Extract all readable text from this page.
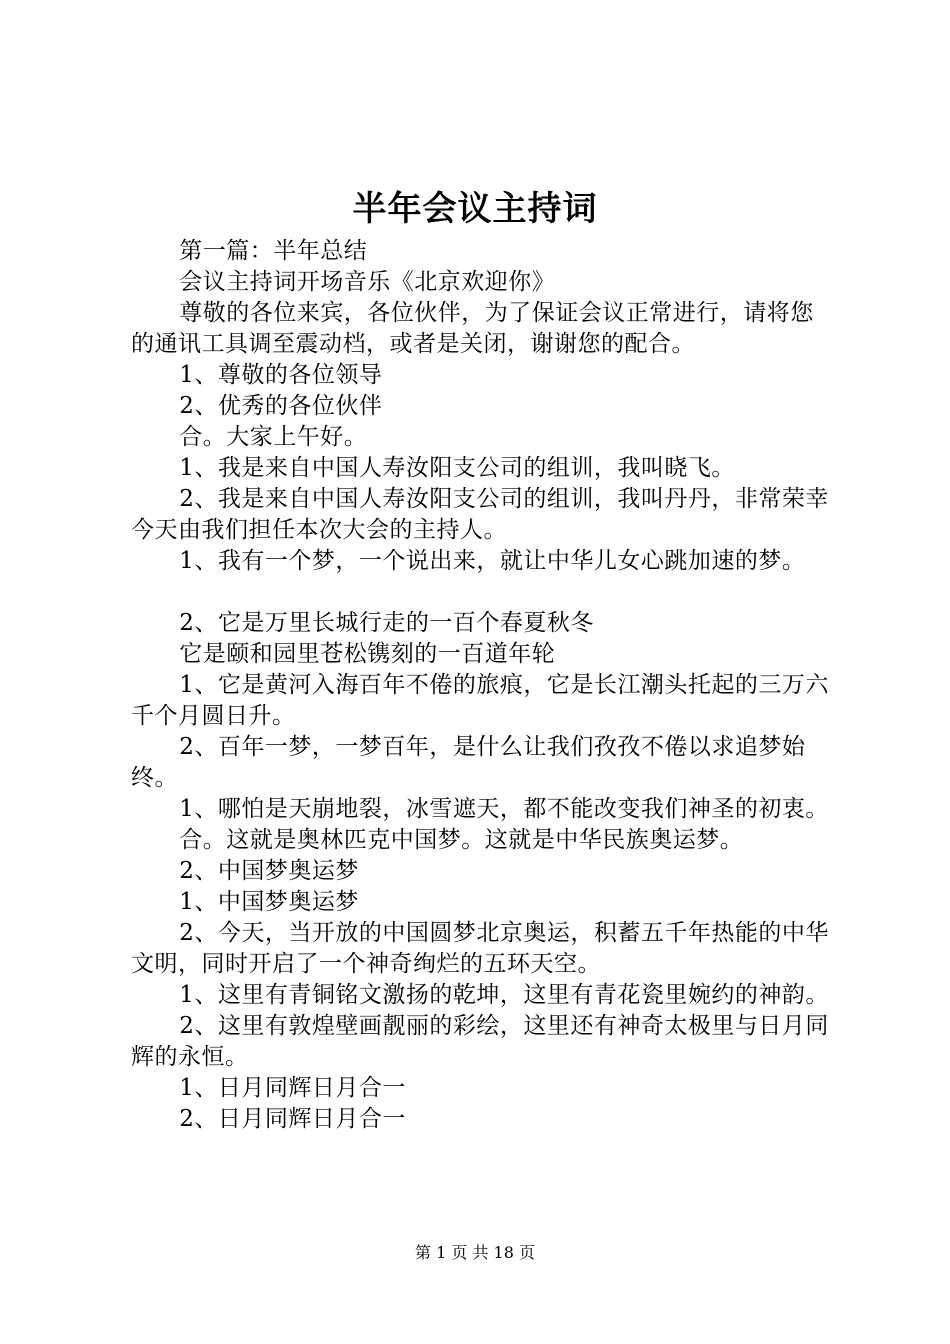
半年会议主持词

第一篇：半年总结

会议主持词开场音乐《北京欢迎你》

尊敬的各位来宾，各位伙伴，为了保证会议正常进行，请将您的通讯工具调至震动档，或者是关闭，谢谢您的配合。

1、尊敬的各位领导

2、优秀的各位伙伴

合。大家上午好。

1、我是来自中国人寿汝阳支公司的组训，我叫晓飞。

2、我是来自中国人寿汝阳支公司的组训，我叫丹丹，非常荣幸今天由我们担任本次大会的主持人。

1、我有一个梦，一个说出来，就让中华儿女心跳加速的梦。

2、它是万里长城行走的一百个春夏秋冬

它是颐和园里苍松镌刻的一百道年轮

1、它是黄河入海百年不倦的旅痕，它是长江潮头托起的三万六千个月圆日升。

2、百年一梦，一梦百年，是什么让我们孜孜不倦以求追梦始终。

1、哪怕是天崩地裂，冰雪遮天，都不能改变我们神圣的初衷。

合。这就是奥林匹克中国梦。这就是中华民族奥运梦。

2、中国梦奥运梦

1、中国梦奥运梦

2、今天，当开放的中国圆梦北京奥运，积蓄五千年热能的中华文明，同时开启了一个神奇绚烂的五环天空。

1、这里有青铜铭文激扬的乾坤，这里有青花瓷里婉约的神韵。

2、这里有敦煌壁画靓丽的彩绘，这里还有神奇太极里与日月同辉的永恒。

1、日月同辉日月合一

2、日月同辉日月合一

第 1 页 共 18 页
